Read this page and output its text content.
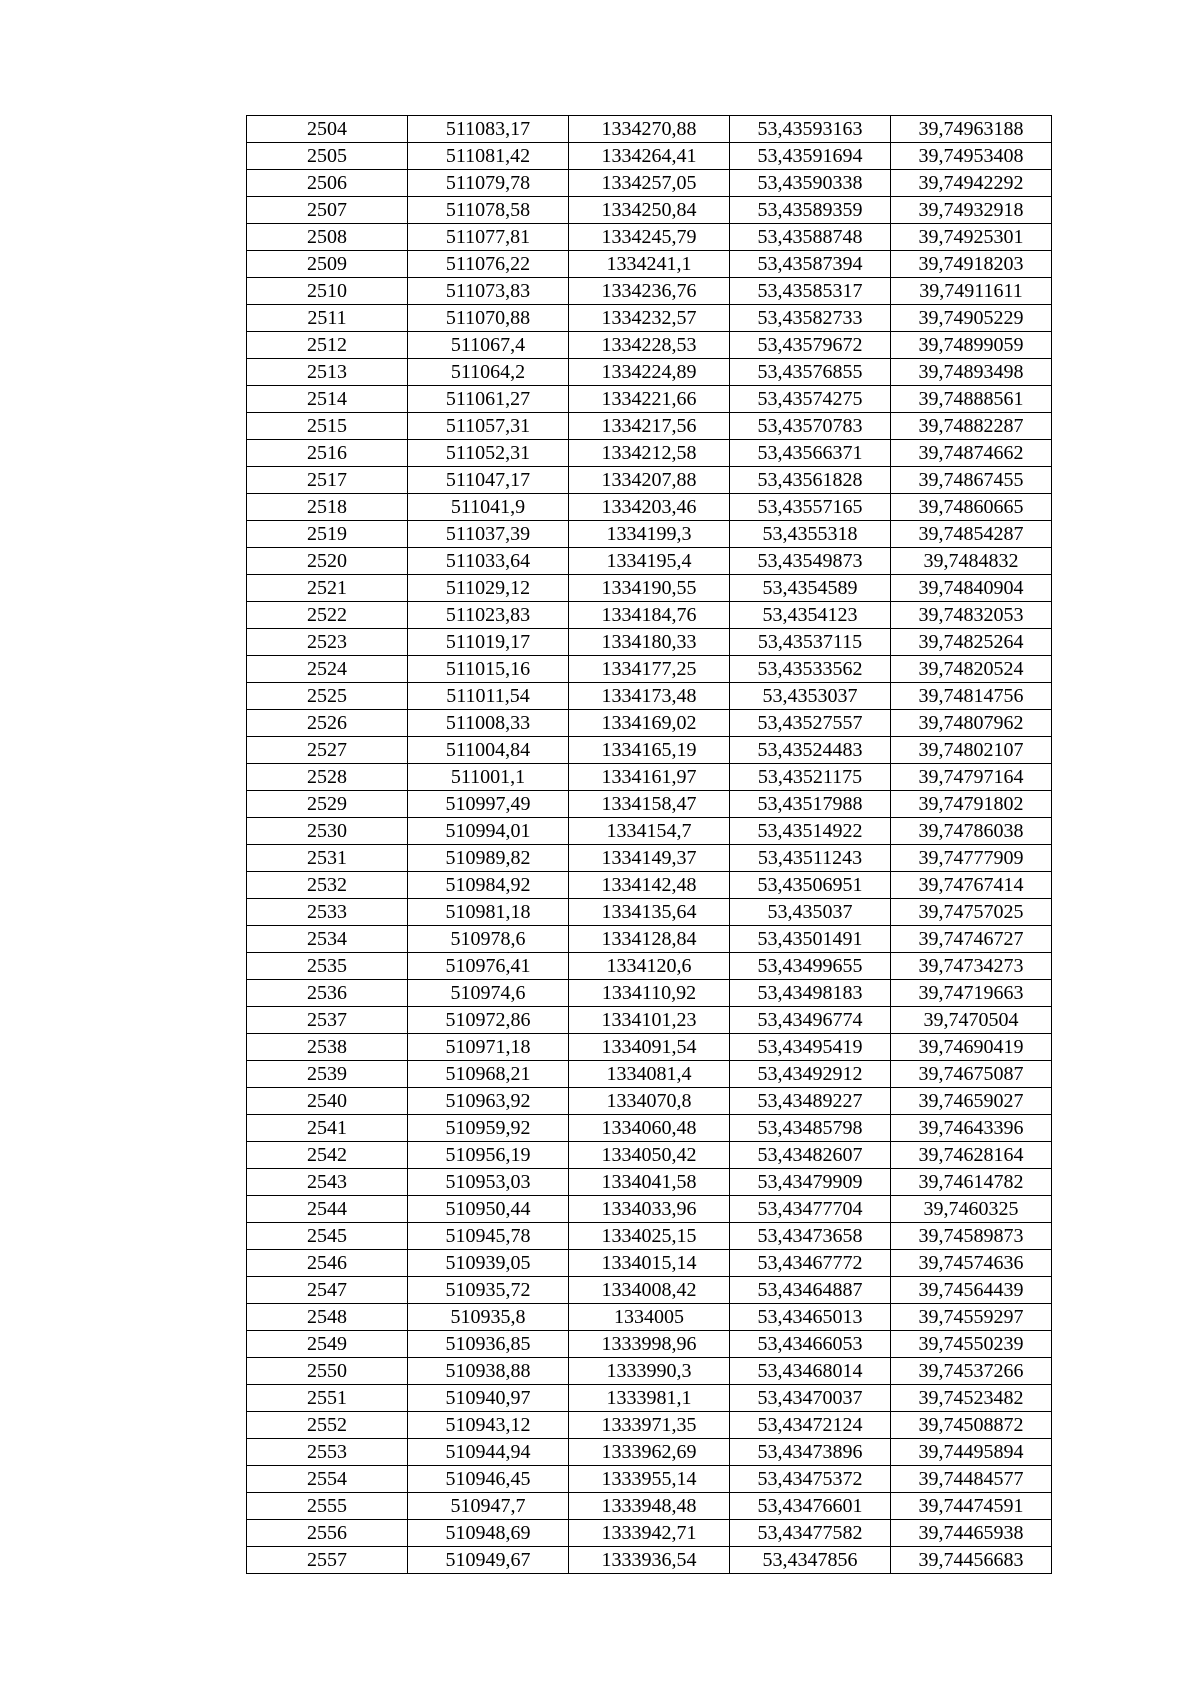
2504	511083,17	1334270,88	53,43593163	39,74963188
2505	511081,42	1334264,41	53,43591694	39,74953408
2506	511079,78	1334257,05	53,43590338	39,74942292
2507	511078,58	1334250,84	53,43589359	39,74932918
2508	511077,81	1334245,79	53,43588748	39,74925301
2509	511076,22	1334241,1	53,43587394	39,74918203
2510	511073,83	1334236,76	53,43585317	39,74911611
2511	511070,88	1334232,57	53,43582733	39,74905229
2512	511067,4	1334228,53	53,43579672	39,74899059
2513	511064,2	1334224,89	53,43576855	39,74893498
2514	511061,27	1334221,66	53,43574275	39,74888561
2515	511057,31	1334217,56	53,43570783	39,74882287
2516	511052,31	1334212,58	53,43566371	39,74874662
2517	511047,17	1334207,88	53,43561828	39,74867455
2518	511041,9	1334203,46	53,43557165	39,74860665
2519	511037,39	1334199,3	53,4355318	39,74854287
2520	511033,64	1334195,4	53,43549873	39,7484832
2521	511029,12	1334190,55	53,4354589	39,74840904
2522	511023,83	1334184,76	53,4354123	39,74832053
2523	511019,17	1334180,33	53,43537115	39,74825264
2524	511015,16	1334177,25	53,43533562	39,74820524
2525	511011,54	1334173,48	53,4353037	39,74814756
2526	511008,33	1334169,02	53,43527557	39,74807962
2527	511004,84	1334165,19	53,43524483	39,74802107
2528	511001,1	1334161,97	53,43521175	39,74797164
2529	510997,49	1334158,47	53,43517988	39,74791802
2530	510994,01	1334154,7	53,43514922	39,74786038
2531	510989,82	1334149,37	53,43511243	39,74777909
2532	510984,92	1334142,48	53,43506951	39,74767414
2533	510981,18	1334135,64	53,435037	39,74757025
2534	510978,6	1334128,84	53,43501491	39,74746727
2535	510976,41	1334120,6	53,43499655	39,74734273
2536	510974,6	1334110,92	53,43498183	39,74719663
2537	510972,86	1334101,23	53,43496774	39,7470504
2538	510971,18	1334091,54	53,43495419	39,74690419
2539	510968,21	1334081,4	53,43492912	39,74675087
2540	510963,92	1334070,8	53,43489227	39,74659027
2541	510959,92	1334060,48	53,43485798	39,74643396
2542	510956,19	1334050,42	53,43482607	39,74628164
2543	510953,03	1334041,58	53,43479909	39,74614782
2544	510950,44	1334033,96	53,43477704	39,7460325
2545	510945,78	1334025,15	53,43473658	39,74589873
2546	510939,05	1334015,14	53,43467772	39,74574636
2547	510935,72	1334008,42	53,43464887	39,74564439
2548	510935,8	1334005	53,43465013	39,74559297
2549	510936,85	1333998,96	53,43466053	39,74550239
2550	510938,88	1333990,3	53,43468014	39,74537266
2551	510940,97	1333981,1	53,43470037	39,74523482
2552	510943,12	1333971,35	53,43472124	39,74508872
2553	510944,94	1333962,69	53,43473896	39,74495894
2554	510946,45	1333955,14	53,43475372	39,74484577
2555	510947,7	1333948,48	53,43476601	39,74474591
2556	510948,69	1333942,71	53,43477582	39,74465938
2557	510949,67	1333936,54	53,4347856	39,74456683
